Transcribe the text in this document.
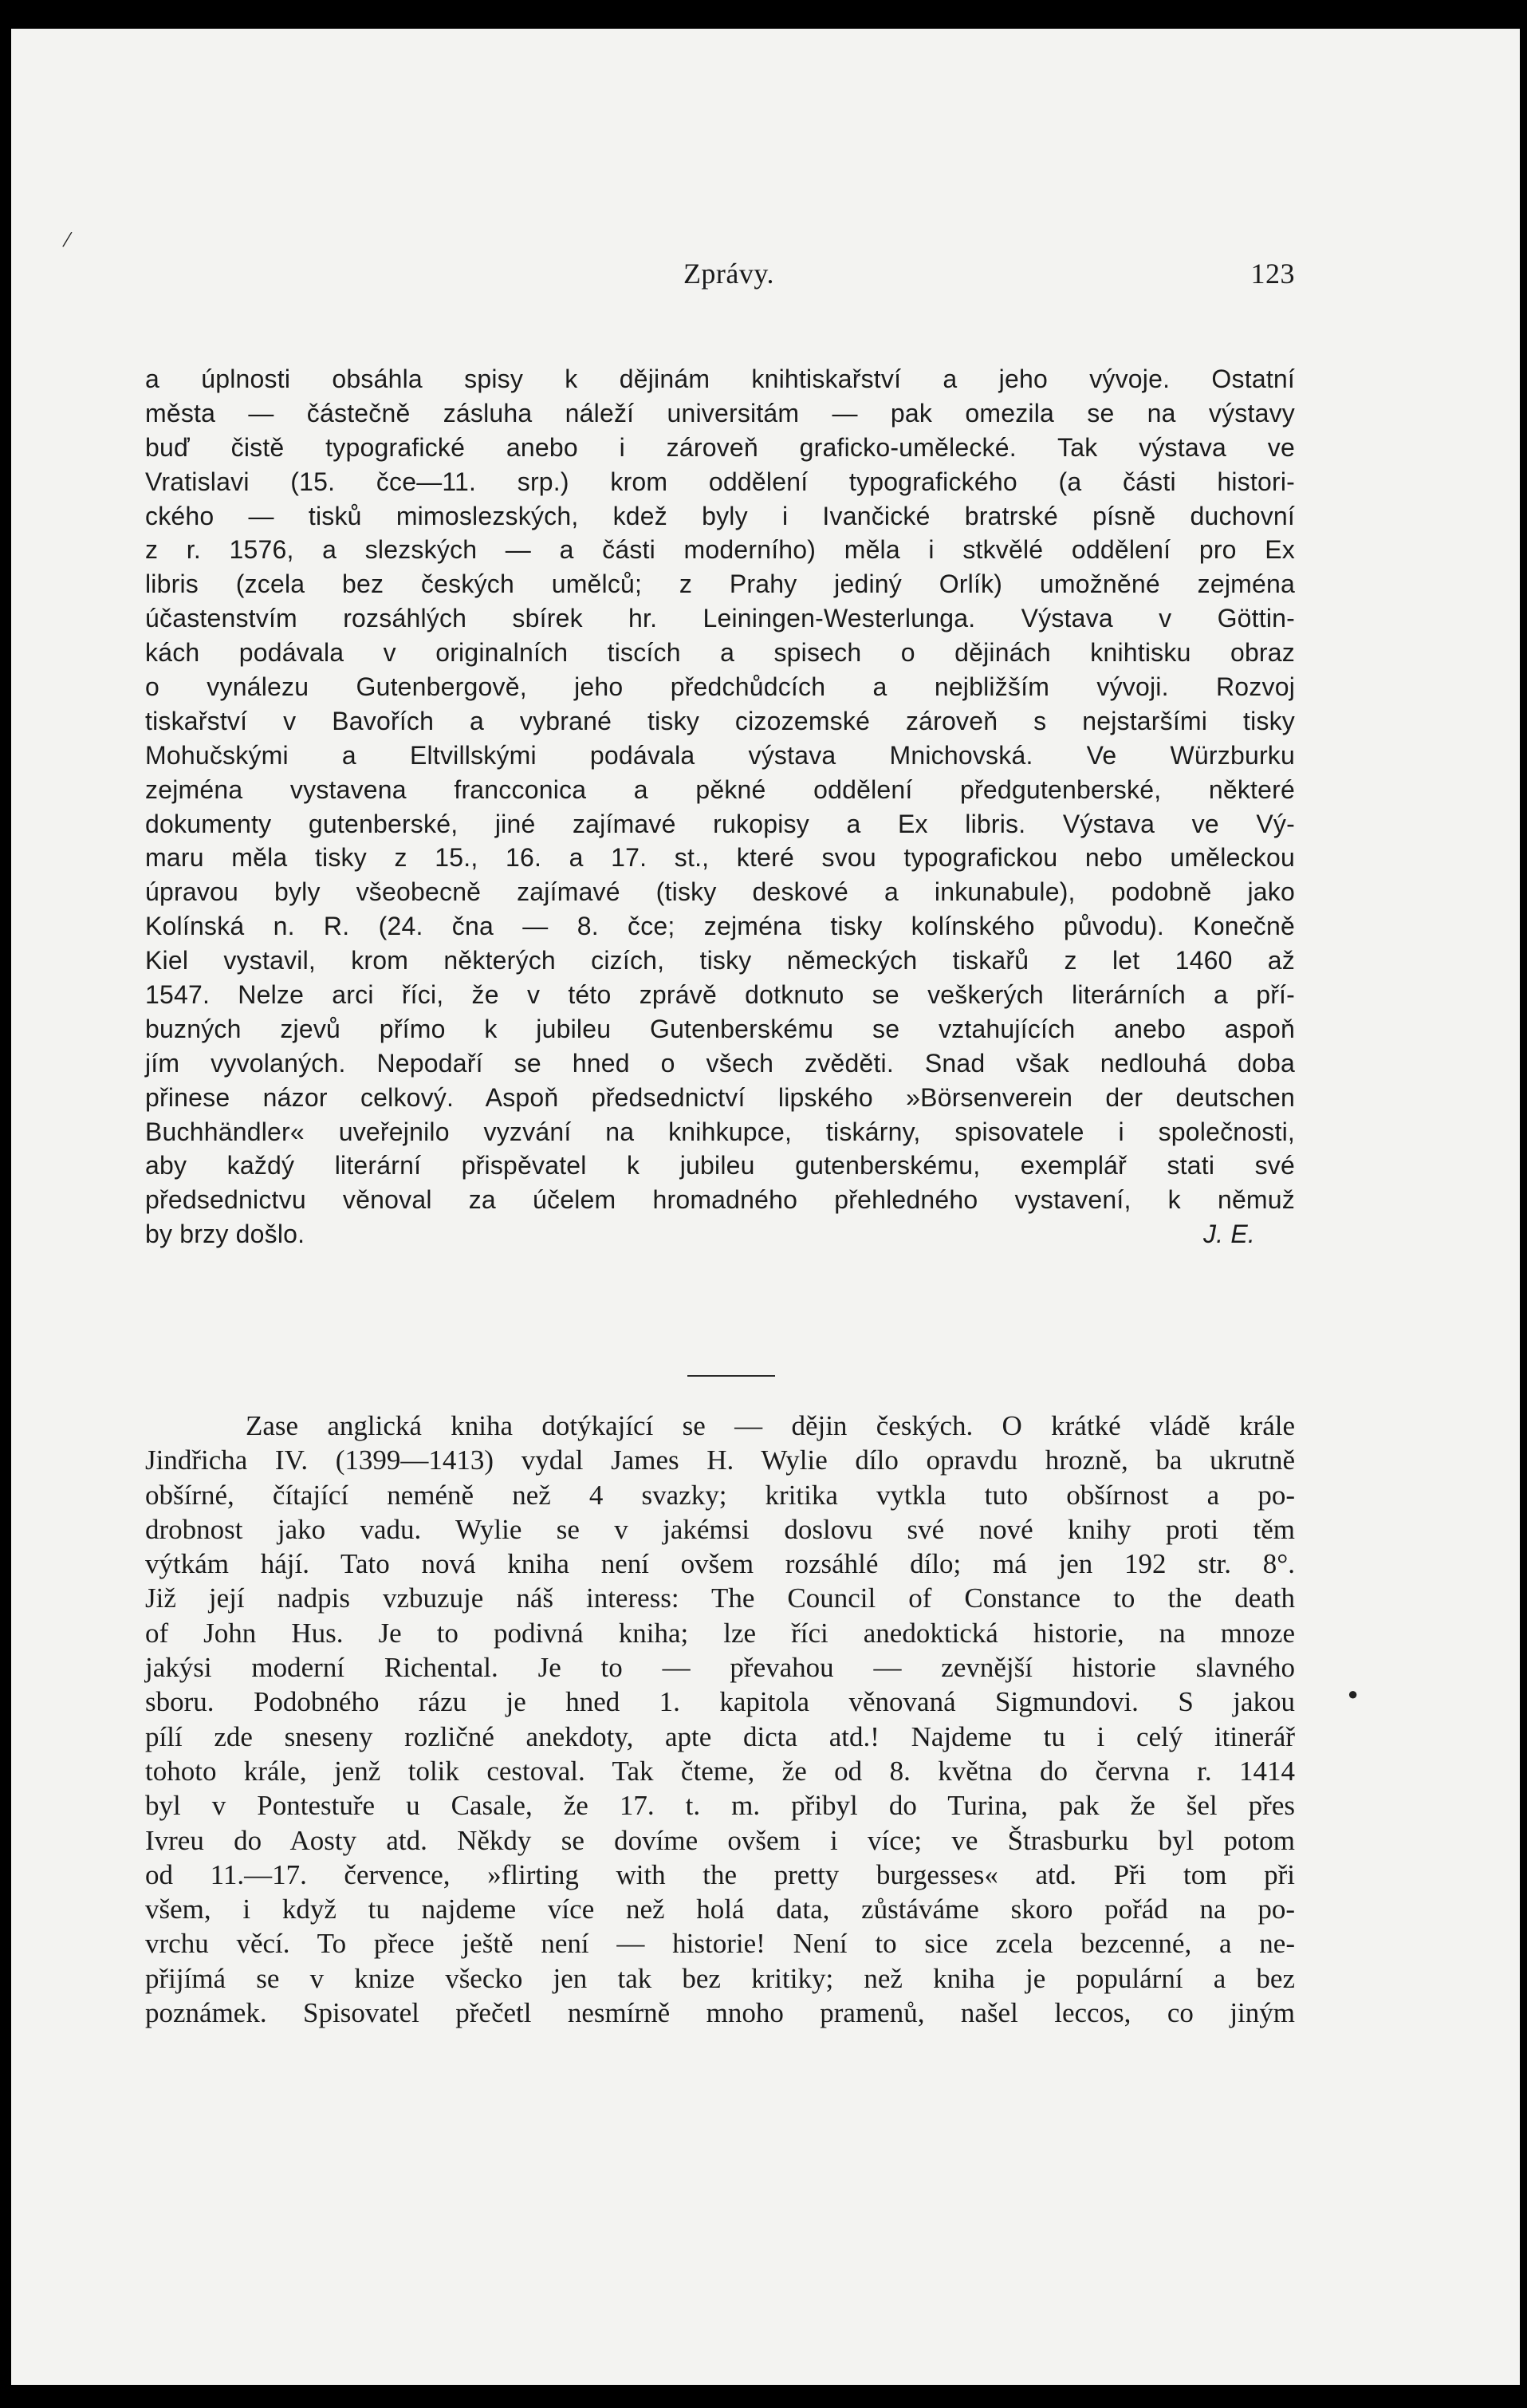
/
●
Zprávy.	123
a úplnosti obsáhla spisy k dějinám knihtiskařství a jeho vývoje. Ostatní
města — částečně zásluha náleží universitám — pak omezila se na výstavy
buď čistě typografické anebo i zároveň graficko-umělecké. Tak výstava ve
Vratislavi (15. čce—11. srp.) krom oddělení typografického (a části histori-
ckého — tisků mimoslezských, kdež byly i Ivančické bratrské písně duchovní
z r. 1576, a slezských — a části moderního) měla i stkvělé oddělení pro Ex
libris (zcela bez českých umělců; z Prahy jediný Orlík) umožněné zejména
účastenstvím rozsáhlých sbírek hr. Leiningen-Westerlunga. Výstava v Göttin-
kách podávala v originalních tiscích a spisech o dějinách knihtisku obraz
o vynálezu Gutenbergově, jeho předchůdcích a nejbližším vývoji. Rozvoj
tiskařství v Bavořích a vybrané tisky cizozemské zároveň s nejstaršími tisky
Mohučskými a Eltvillskými podávala výstava Mnichovská. Ve Würzburku
zejména vystavena francconica a pěkné oddělení předgutenberské, některé
dokumenty gutenberské, jiné zajímavé rukopisy a Ex libris. Výstava ve Vý-
maru měla tisky z 15., 16. a 17. st., které svou typografickou nebo uměleckou
úpravou byly všeobecně zajímavé (tisky deskové a inkunabule), podobně jako
Kolínská n. R. (24. čna — 8. čce; zejména tisky kolínského původu). Konečně
Kiel vystavil, krom některých cizích, tisky německých tiskařů z let 1460 až
1547. Nelze arci říci, že v této zprávě dotknuto se veškerých literárních a pří-
buzných zjevů přímo k jubileu Gutenberskému se vztahujících anebo aspoň
jím vyvolaných. Nepodaří se hned o všech zvěděti. Snad však nedlouhá doba
přinese názor celkový. Aspoň předsednictví lipského »Börsenverein der deutschen
Buchhändler« uveřejnilo vyzvání na knihkupce, tiskárny, spisovatele i společnosti,
aby každý literární přispěvatel k jubileu gutenberskému, exemplář stati své
předsednictvu věnoval za účelem hromadného přehledného vystavení, k němuž
by brzy došlo.	J. E.
Zase anglická kniha dotýkající se — dějin českých. O krátké vládě krále
Jindřicha IV. (1399—1413) vydal James H. Wylie dílo opravdu hrozně, ba ukrutně
obšírné, čítající neméně než 4 svazky; kritika vytkla tuto obšírnost a po-
drobnost jako vadu. Wylie se v jakémsi doslovu své nové knihy proti těm
výtkám hájí. Tato nová kniha není ovšem rozsáhlé dílo; má jen 192 str. 8°.
Již její nadpis vzbuzuje náš interess: The Council of Constance to the death
of John Hus. Je to podivná kniha; lze říci anedoktická historie, na mnoze
jakýsi moderní Richental. Je to — převahou — zevnější historie slavného
sboru. Podobného rázu je hned 1. kapitola věnovaná Sigmundovi. S jakou
pílí zde sneseny rozličné anekdoty, apte dicta atd.! Najdeme tu i celý itinerář
tohoto krále, jenž tolik cestoval. Tak čteme, že od 8. května do června r. 1414
byl v Pontestuře u Casale, že 17. t. m. přibyl do Turina, pak že šel přes
Ivreu do Aosty atd. Někdy se dovíme ovšem i více; ve Štrasburku byl potom
od 11.—17. července, »flirting with the pretty burgesses« atd. Při tom při
všem, i když tu najdeme více než holá data, zůstáváme skoro pořád na po-
vrchu věcí. To přece ještě není — historie! Není to sice zcela bezcenné, a ne-
přijímá se v knize všecko jen tak bez kritiky; než kniha je populární a bez
poznámek. Spisovatel přečetl nesmírně mnoho pramenů, našel leccos, co jiným
